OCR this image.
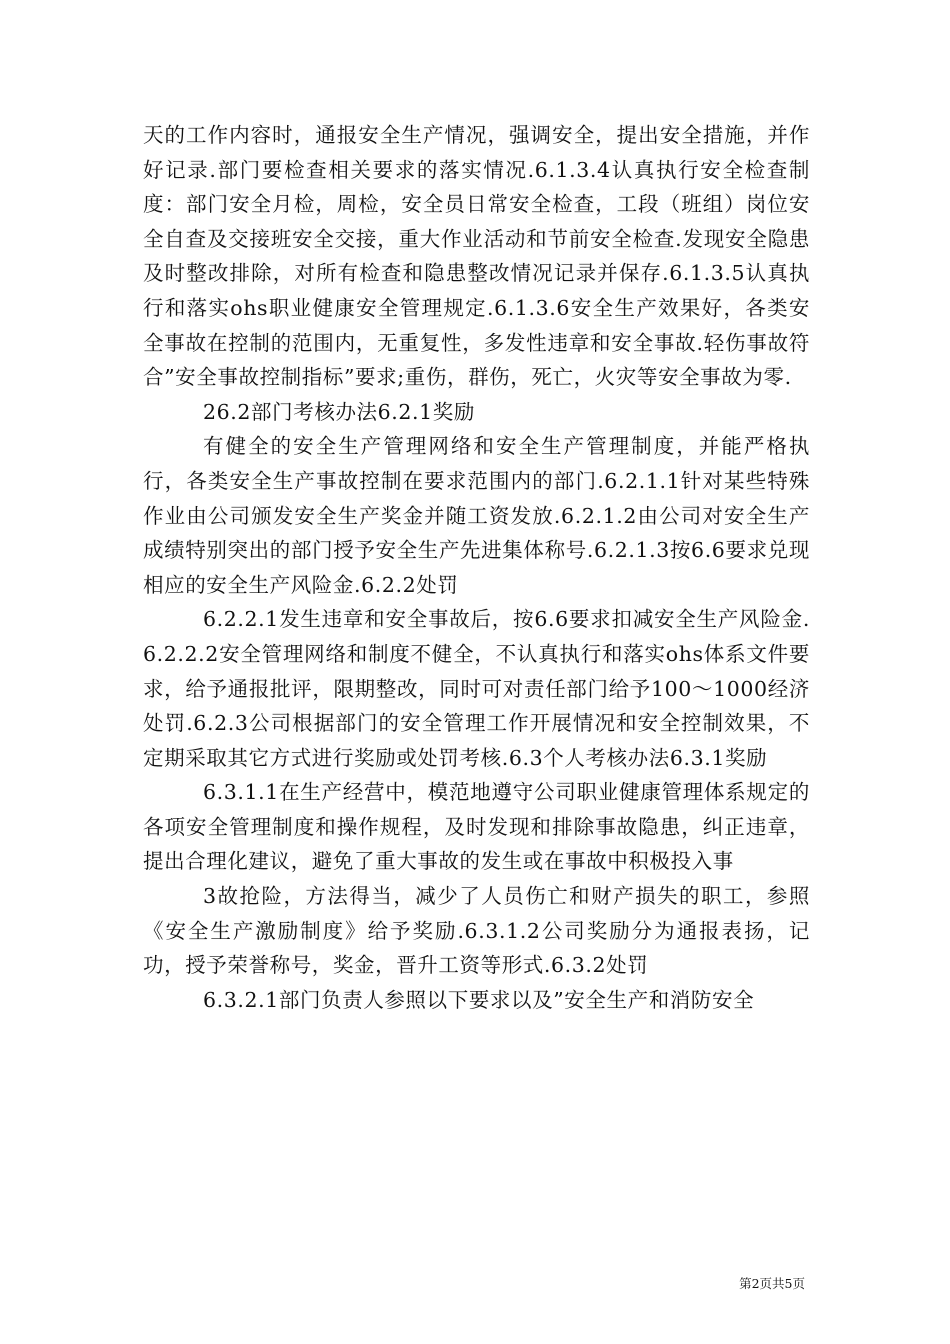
天的工作内容时，通报安全生产情况，强调安全，提出安全措施，并作好记录.部门要检查相关要求的落实情况.6.1.3.4认真执行安全检查制度：部门安全月检，周检，安全员日常安全检查，工段（班组）岗位安全自查及交接班安全交接，重大作业活动和节前安全检查.发现安全隐患及时整改排除，对所有检查和隐患整改情况记录并保存.6.1.3.5认真执行和落实ohs职业健康安全管理规定.6.1.3.6安全生产效果好，各类安全事故在控制的范围内，无重复性，多发性违章和安全事故.轻伤事故符合”安全事故控制指标”要求;重伤，群伤，死亡，火灾等安全事故为零.

26.2部门考核办法6.2.1奖励

有健全的安全生产管理网络和安全生产管理制度，并能严格执行，各类安全生产事故控制在要求范围内的部门.6.2.1.1针对某些特殊作业由公司颁发安全生产奖金并随工资发放.6.2.1.2由公司对安全生产成绩特别突出的部门授予安全生产先进集体称号.6.2.1.3按6.6要求兑现相应的安全生产风险金.6.2.2处罚

6.2.2.1发生违章和安全事故后，按6.6要求扣减安全生产风险金.6.2.2.2安全管理网络和制度不健全，不认真执行和落实ohs体系文件要求，给予通报批评，限期整改，同时可对责任部门给予100～1000经济处罚.6.2.3公司根据部门的安全管理工作开展情况和安全控制效果，不定期采取其它方式进行奖励或处罚考核.6.3个人考核办法6.3.1奖励

6.3.1.1在生产经营中，模范地遵守公司职业健康管理体系规定的各项安全管理制度和操作规程，及时发现和排除事故隐患，纠正违章，提出合理化建议，避免了重大事故的发生或在事故中积极投入事

3故抢险，方法得当，减少了人员伤亡和财产损失的职工，参照《安全生产激励制度》给予奖励.6.3.1.2公司奖励分为通报表扬，记功，授予荣誉称号，奖金，晋升工资等形式.6.3.2处罚

6.3.2.1部门负责人参照以下要求以及”安全生产和消防安全

第2页共5页
